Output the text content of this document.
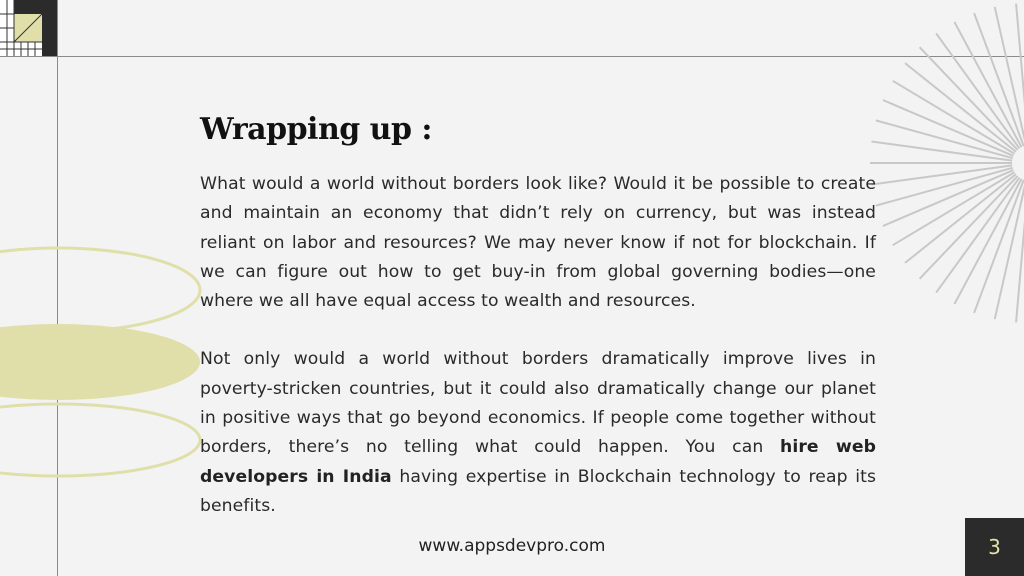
Wrapping up :

What would a world without borders look like? Would it be possible to create and maintain an economy that didn’t rely on currency, but was instead reliant on labor and resources? We may never know if not for blockchain. If we can figure out how to get buy-in from global governing bodies—one where we all have equal access to wealth and resources.

Not only would a world without borders dramatically improve lives in poverty-stricken countries, but it could also dramatically change our planet in positive ways that go beyond economics. If people come together without borders, there’s no telling what could happen. You can hire web developers in India having expertise in Blockchain technology to reap its benefits.

www.appsdevpro.com	3
